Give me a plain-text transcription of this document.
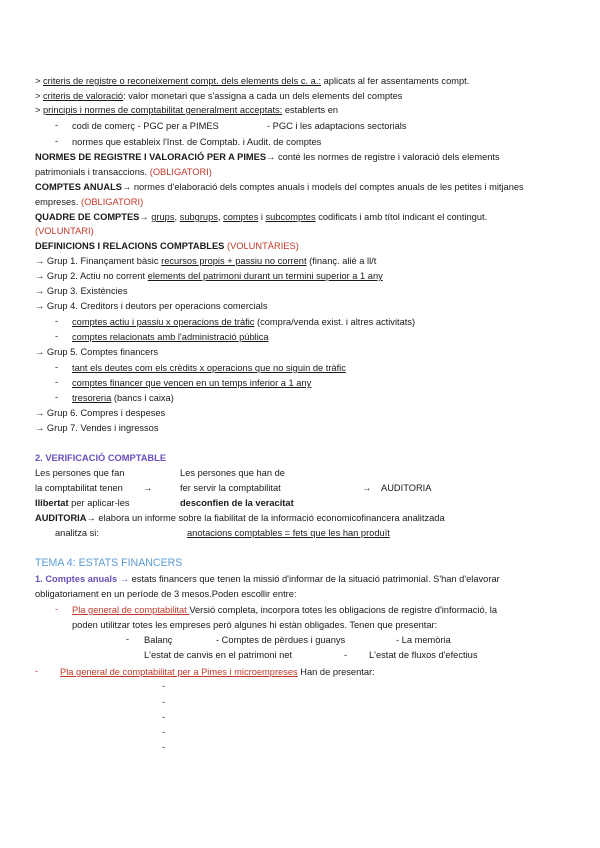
> criteris de registre o reconeixement compt. dels elements dels c. a.: aplicats al fer assentaments compt.
> criteris de valoració: valor monetari que s'assigna a cada un dels elements del comptes
> principis i normes de comptabilitat generalment acceptats: establerts en
- codi de comerç - PGC per a PIMES	- PGC i les adaptacions sectorials
- normes que estableix l'Inst. de Comptab. i Audit. de comptes
NORMES DE REGISTRE I VALORACIÓ PER A PIMES→ conté les normes de registre i valoració dels elements
patrimonials i transaccions. (OBLIGATORI)
COMPTES ANUALS→ normes d'elaboració dels comptes anuals i models del comptes anuals de les petites i mitjanes
empreses. (OBLIGATORI)
QUADRE DE COMPTES→ grups, subgrups, comptes i subcomptes codificats i amb títol indicant el contingut.
(VOLUNTARI)
DEFINICIONS I RELACIONS COMPTABLES (VOLUNTÀRIES)
→ Grup 1. Finançament bàsic recursos propis + passiu no corrent (finanç. alié a ll/t
→ Grup 2. Actiu no corrent elements del patrimoni durant un termini superior a 1 any
→ Grup 3. Existències
→ Grup 4. Creditors i deutors per operacions comercials
- comptes actiu i passiu x operacions de tràfic (compra/venda exist. i altres activitats)
- comptes relacionats amb l'administració pública
→ Grup 5. Comptes financers
- tant els deutes com els crèdits x operacions que no siguin de tràfic
- comptes financer que vencen en un temps inferior a 1 any
- tresoreria (bancs i caixa)
→ Grup 6. Compres i despeses
→ Grup 7. Vendes i ingressos
2. VERIFICACIÓ COMPTABLE
Les persones que fan	Les persones que han de
la comptabilitat tenen →	fer servir la comptabilitat	→ AUDITORIA
llibertat per aplicar-les	desconfien de la veracitat
AUDITORIA→ elabora un informe sobre la fiabilitat de la informació economicofinancera analitzada
analitza si:	anotacions comptables = fets que les han produït
TEMA 4: ESTATS FINANCERS
1. Comptes anuals → estats financers que tenen la missió d'informar de la situació patrimonial. S'han d'elavorar
obligatoriament en un període de 3 mesos.Poden escollir entre:
- Pla general de comptabilitat Versió completa, incorpora totes les obligacions de registre d'informació, la
poden utilitzar totes les empreses però algunes hi estàn obligades. Tenen que presentar:
- Balanç	- Comptes de pèrdues i guanys	- La memòria
L'estat de canvis en el patrimoni net	- L'estat de fluxos d'efectius
- Pla general de comptabilitat per a Pimes i microempreses Han de presentar:
-
-
-
-
-
